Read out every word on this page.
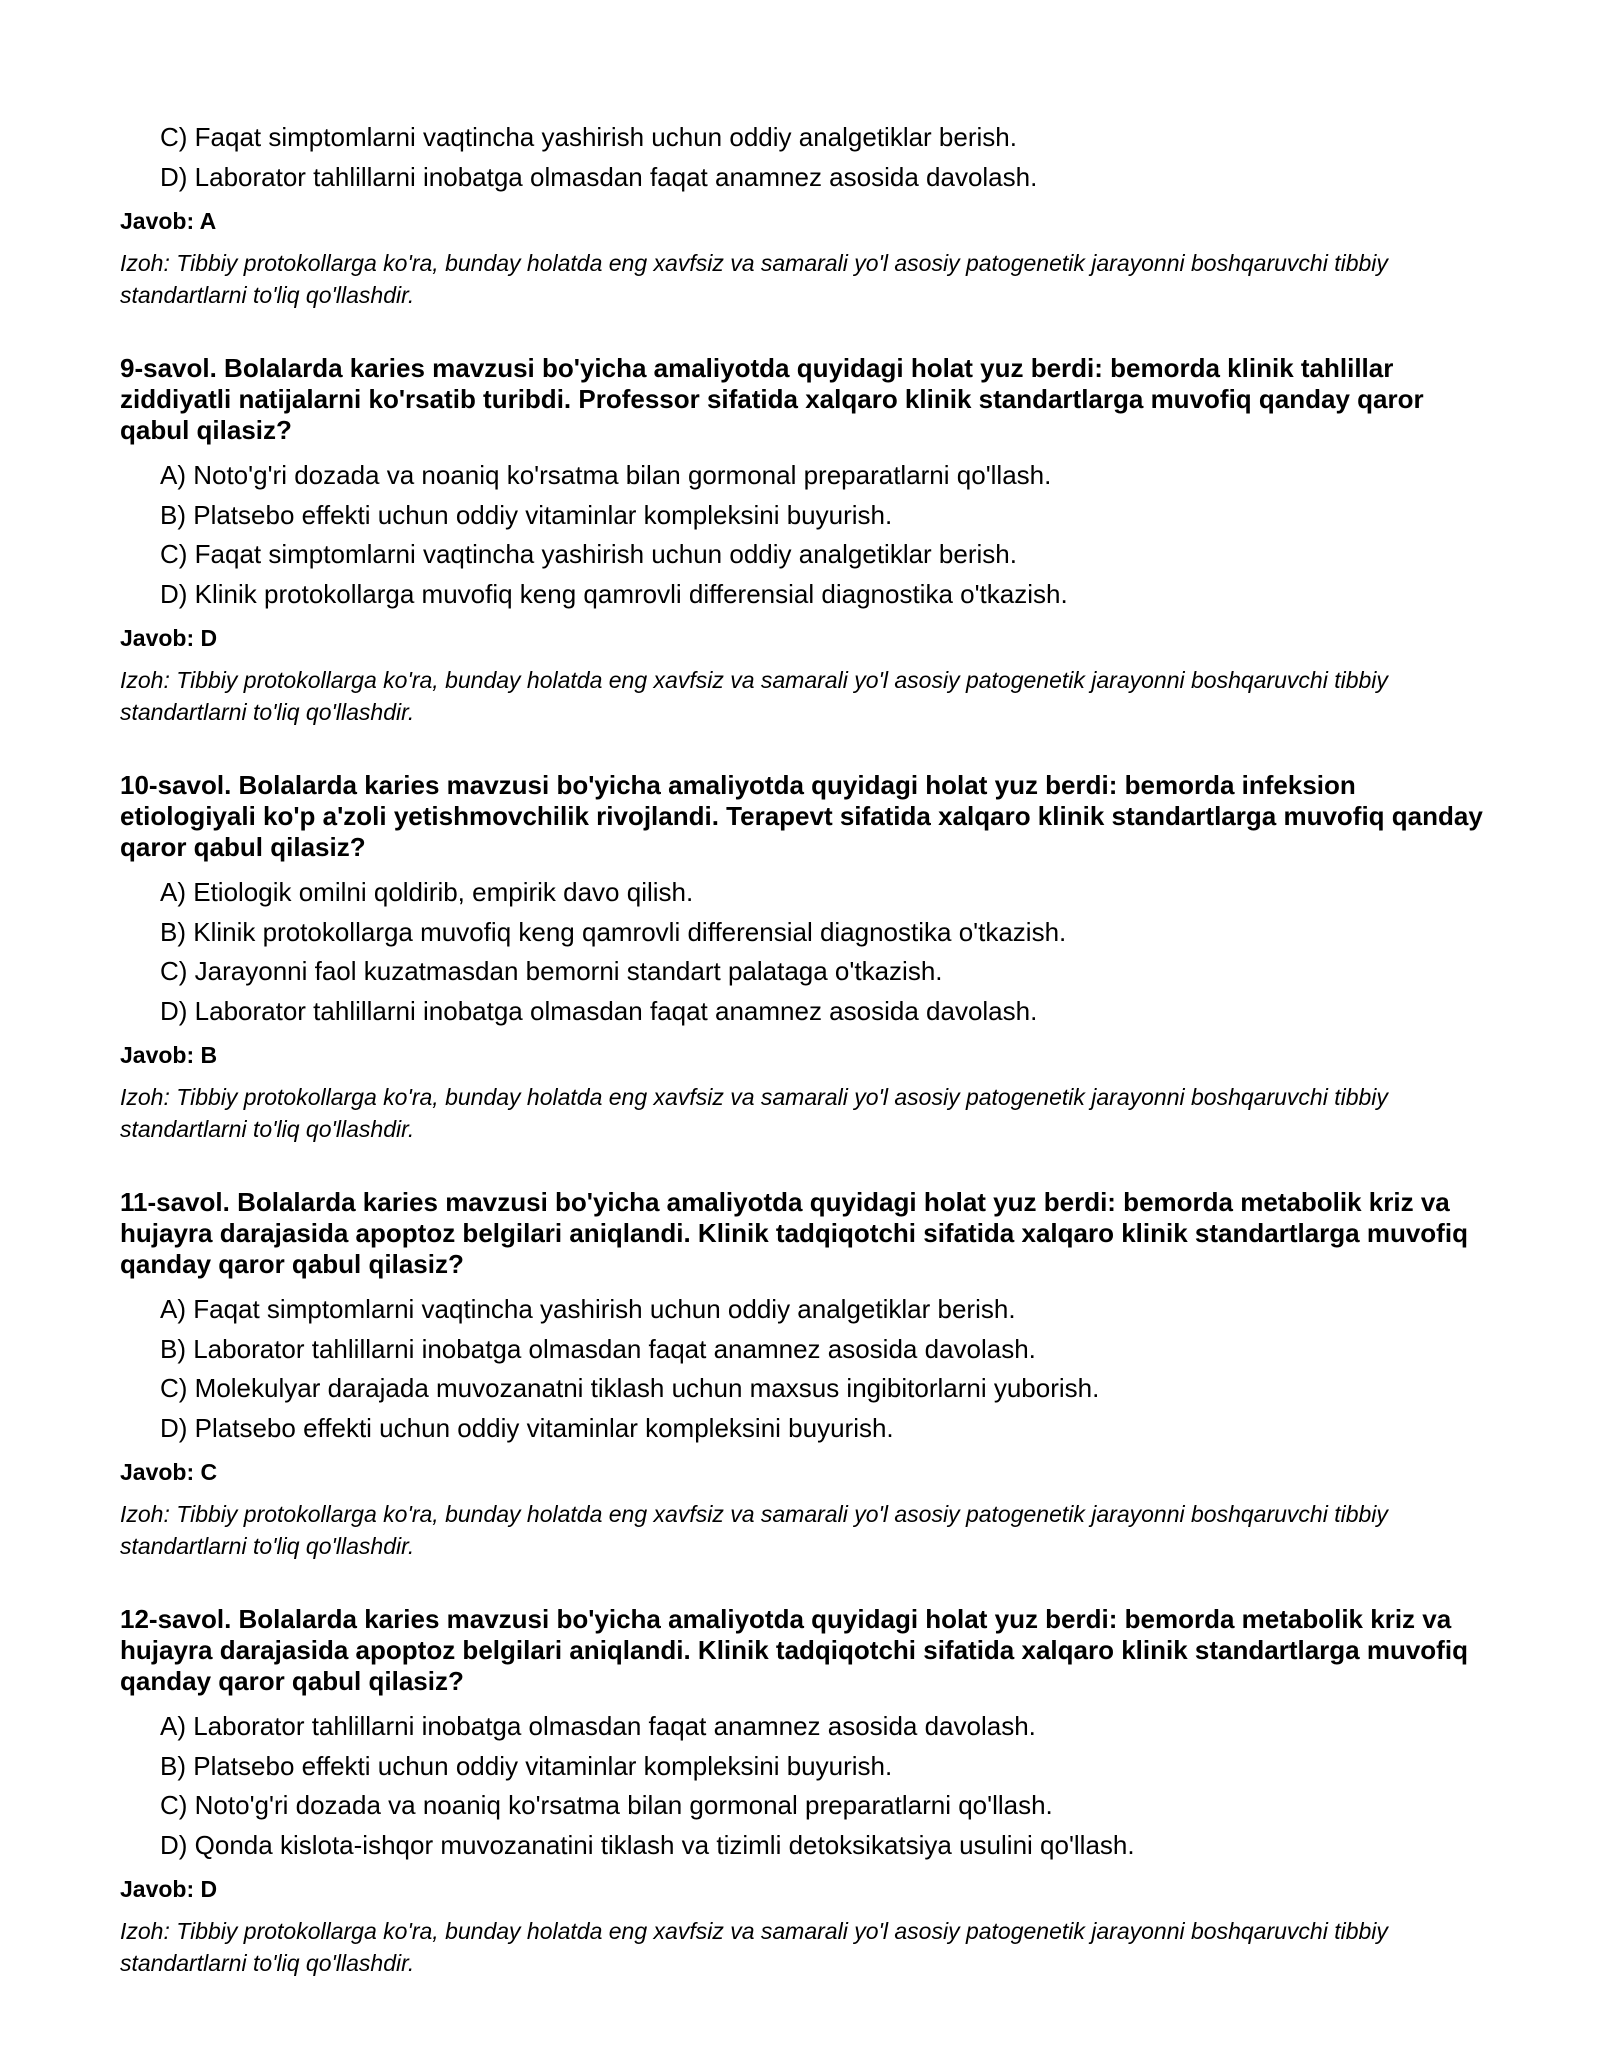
C) Faqat simptomlarni vaqtincha yashirish uchun oddiy analgetiklar berish.
D) Laborator tahlillarni inobatga olmasdan faqat anamnez asosida davolash.

Javob: A

Izoh: Tibbiy protokollarga ko'ra, bunday holatda eng xavfsiz va samarali yo'l asosiy patogenetik jarayonni boshqaruvchi tibbiy standartlarni to'liq qo'llashdir.

9-savol. Bolalarda karies mavzusi bo'yicha amaliyotda quyidagi holat yuz berdi: bemorda klinik tahlillar ziddiyatli natijalarni ko'rsatib turibdi. Professor sifatida xalqaro klinik standartlarga muvofiq qanday qaror qabul qilasiz?

A) Noto'g'ri dozada va noaniq ko'rsatma bilan gormonal preparatlarni qo'llash.
B) Platsebo effekti uchun oddiy vitaminlar kompleksini buyurish.
C) Faqat simptomlarni vaqtincha yashirish uchun oddiy analgetiklar berish.
D) Klinik protokollarga muvofiq keng qamrovli differensial diagnostika o'tkazish.

Javob: D

Izoh: Tibbiy protokollarga ko'ra, bunday holatda eng xavfsiz va samarali yo'l asosiy patogenetik jarayonni boshqaruvchi tibbiy standartlarni to'liq qo'llashdir.

10-savol. Bolalarda karies mavzusi bo'yicha amaliyotda quyidagi holat yuz berdi: bemorda infeksion etiologiyali ko'p a'zoli yetishmovchilik rivojlandi. Terapevt sifatida xalqaro klinik standartlarga muvofiq qanday qaror qabul qilasiz?

A) Etiologik omilni qoldirib, empirik davo qilish.
B) Klinik protokollarga muvofiq keng qamrovli differensial diagnostika o'tkazish.
C) Jarayonni faol kuzatmasdan bemorni standart palataga o'tkazish.
D) Laborator tahlillarni inobatga olmasdan faqat anamnez asosida davolash.

Javob: B

Izoh: Tibbiy protokollarga ko'ra, bunday holatda eng xavfsiz va samarali yo'l asosiy patogenetik jarayonni boshqaruvchi tibbiy standartlarni to'liq qo'llashdir.

11-savol. Bolalarda karies mavzusi bo'yicha amaliyotda quyidagi holat yuz berdi: bemorda metabolik kriz va hujayra darajasida apoptoz belgilari aniqlandi. Klinik tadqiqotchi sifatida xalqaro klinik standartlarga muvofiq qanday qaror qabul qilasiz?

A) Faqat simptomlarni vaqtincha yashirish uchun oddiy analgetiklar berish.
B) Laborator tahlillarni inobatga olmasdan faqat anamnez asosida davolash.
C) Molekulyar darajada muvozanatni tiklash uchun maxsus ingibitorlarni yuborish.
D) Platsebo effekti uchun oddiy vitaminlar kompleksini buyurish.

Javob: C

Izoh: Tibbiy protokollarga ko'ra, bunday holatda eng xavfsiz va samarali yo'l asosiy patogenetik jarayonni boshqaruvchi tibbiy standartlarni to'liq qo'llashdir.

12-savol. Bolalarda karies mavzusi bo'yicha amaliyotda quyidagi holat yuz berdi: bemorda metabolik kriz va hujayra darajasida apoptoz belgilari aniqlandi. Klinik tadqiqotchi sifatida xalqaro klinik standartlarga muvofiq qanday qaror qabul qilasiz?

A) Laborator tahlillarni inobatga olmasdan faqat anamnez asosida davolash.
B) Platsebo effekti uchun oddiy vitaminlar kompleksini buyurish.
C) Noto'g'ri dozada va noaniq ko'rsatma bilan gormonal preparatlarni qo'llash.
D) Qonda kislota-ishqor muvozanatini tiklash va tizimli detoksikatsiya usulini qo'llash.

Javob: D

Izoh: Tibbiy protokollarga ko'ra, bunday holatda eng xavfsiz va samarali yo'l asosiy patogenetik jarayonni boshqaruvchi tibbiy standartlarni to'liq qo'llashdir.
